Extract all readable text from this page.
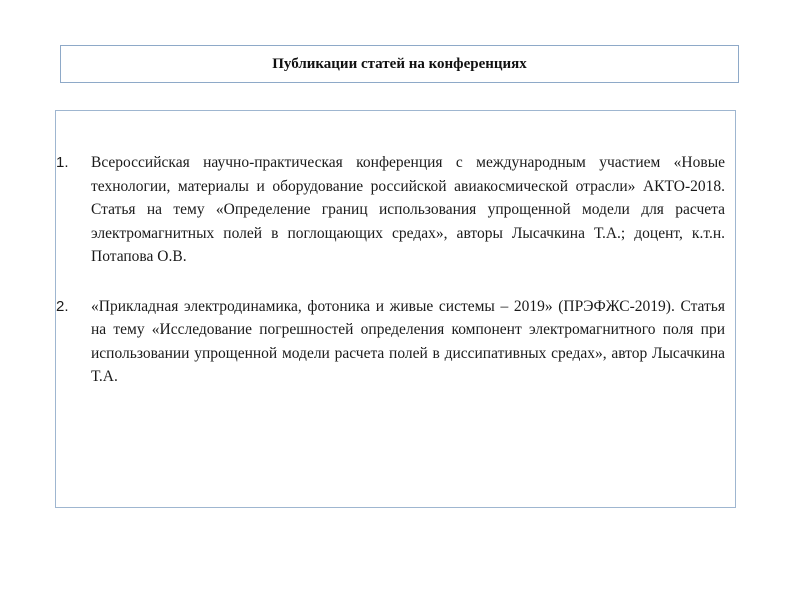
Публикации статей на конференциях
1.	Всероссийская научно-практическая конференция с международным участием «Новые технологии, материалы и оборудование российской авиакосмической отрасли» АКТО-2018. Статья на тему «Определение границ использования упрощенной модели для расчета электромагнитных полей в поглощающих средах», авторы Лысачкина Т.А.; доцент, к.т.н. Потапова О.В.
2.	«Прикладная электродинамика, фотоника и живые системы – 2019» (ПРЭФЖС-2019). Статья на тему «Исследование погрешностей определения компонент электромагнитного поля при использовании упрощенной модели расчета полей в диссипативных средах», автор Лысачкина Т.А.
